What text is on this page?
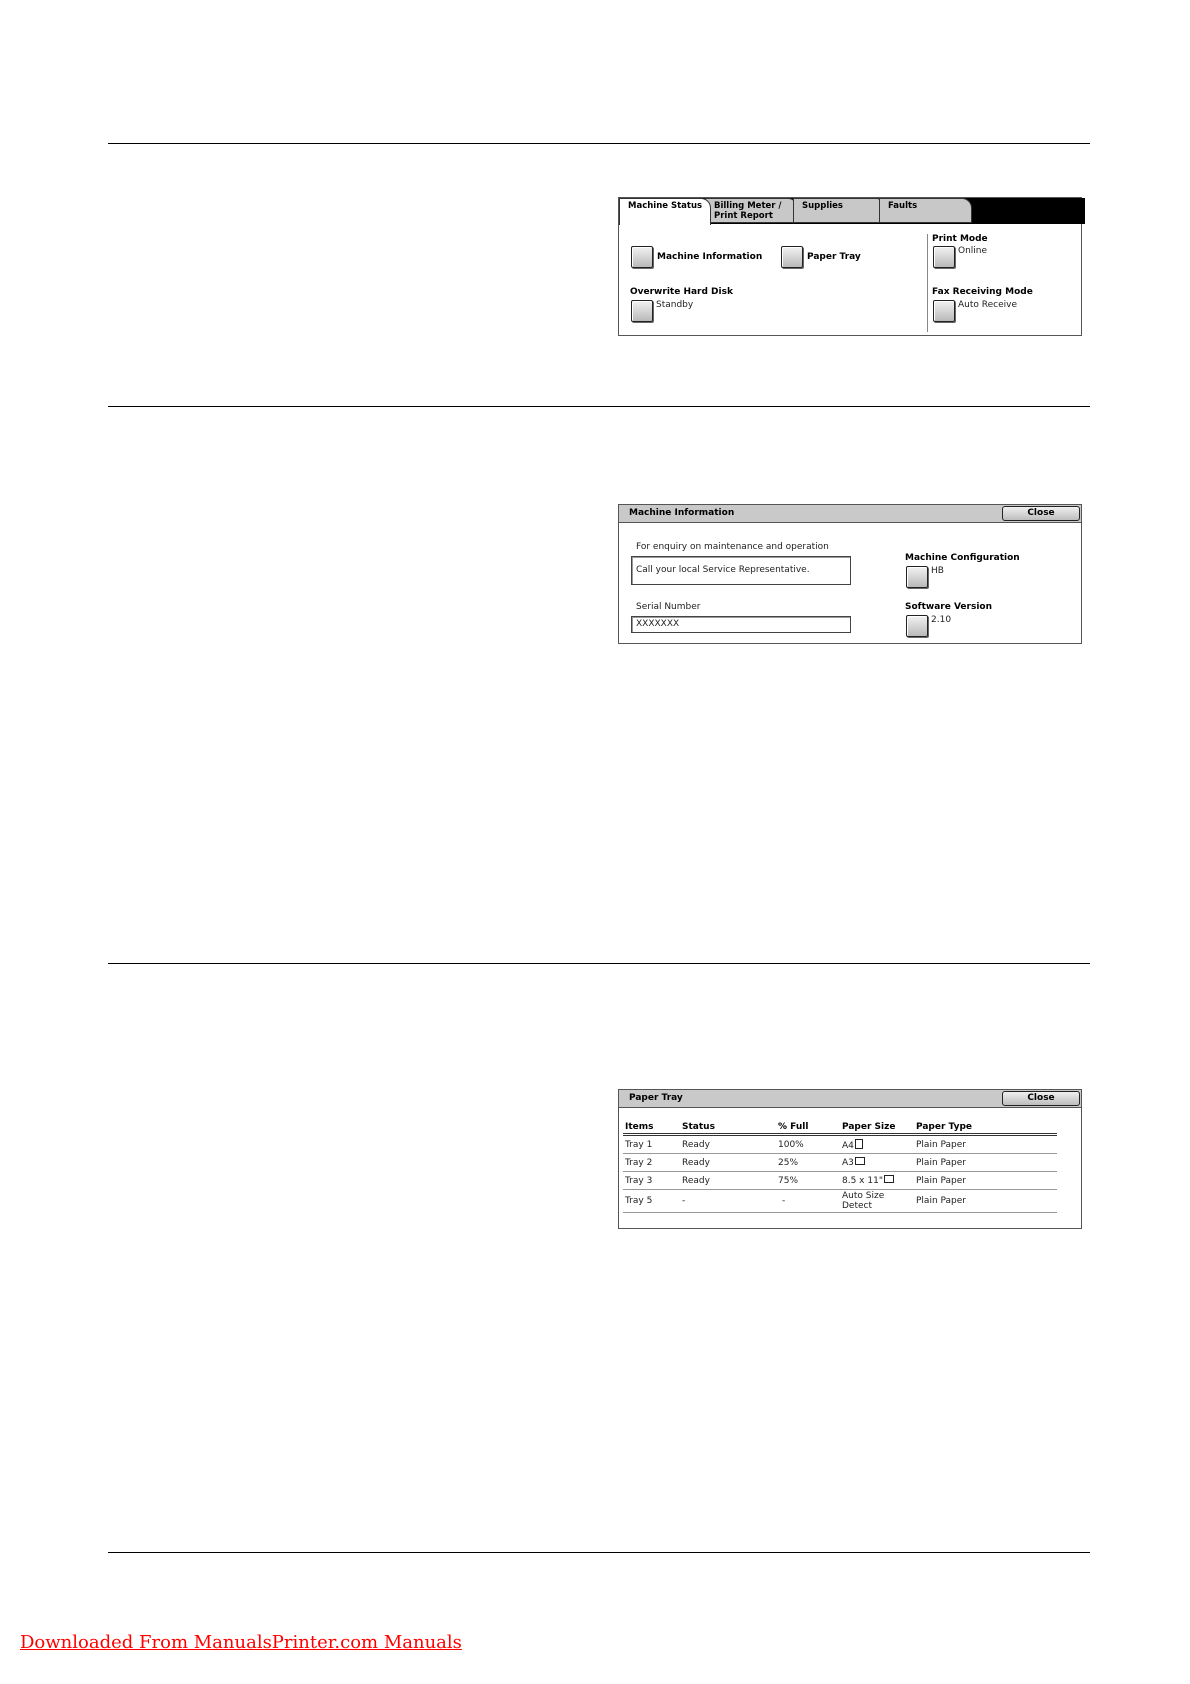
Machine Status	Billing Meter / Print Report
Supplies	Faults
Machine Information	Paper Tray
Overwrite Hard Disk
Standby
Print Mode
Online
Fax Receiving Mode
Auto Receive
Machine Information	Close
For enquiry on maintenance and operation
Call your local Service Representative.
Serial Number
XXXXXXX
Machine Configuration
HB
Software Version
2.10
Paper Tray	Close
Items	Status	% Full	Paper Size	Paper Type
Tray 1	Ready	100%	A4	Plain Paper
Tray 2	Ready	25%	A3	Plain Paper
Tray 3	Ready	75%	8.5 x 11"	Plain Paper
Tray 5	-	-	Auto Size Detect	Plain Paper
Downloaded From ManualsPrinter.com Manuals
